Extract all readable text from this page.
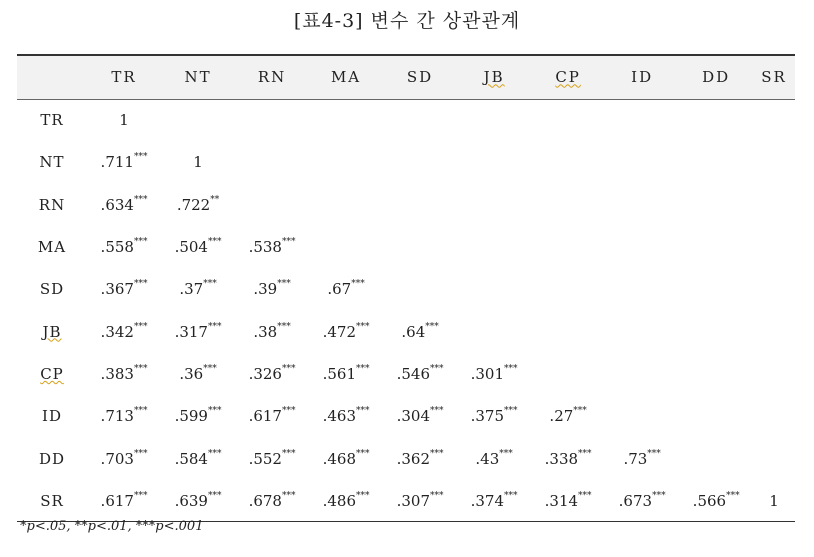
[표4-3] 변수 간 상관관계
	TR	NT	RN	MA	SD	JB	CP	ID	DD	SR
TR	1									
NT	.711***	1								
RN	.634***	.722**								
MA	.558***	.504***	.538***							
SD	.367***	.37***	.39***	.67***						
JB	.342***	.317***	.38***	.472***	.64***					
CP	.383***	.36***	.326***	.561***	.546***	.301***				
ID	.713***	.599***	.617***	.463***	.304***	.375***	.27***			
DD	.703***	.584***	.552***	.468***	.362***	.43***	.338***	.73***		
SR	.617***	.639***	.678***	.486***	.307***	.374***	.314***	.673***	.566***	1
*p<.05, **p<.01, ***p<.001
